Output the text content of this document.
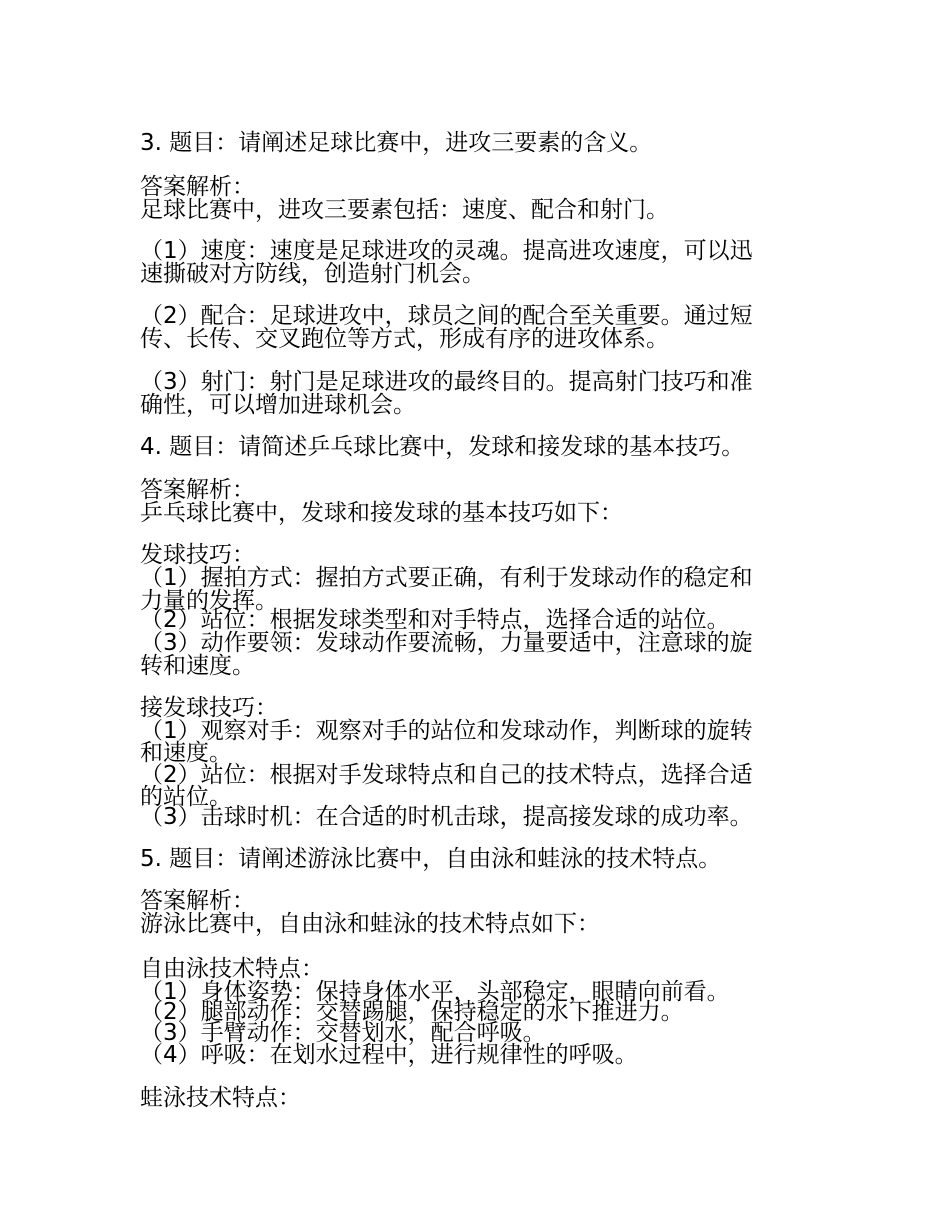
3. 题目：请阐述足球比赛中，进攻三要素的含义。

答案解析：

足球比赛中，进攻三要素包括：速度、配合和射门。

（1）速度：速度是足球进攻的灵魂。提高进攻速度，可以迅

速撕破对方防线，创造射门机会。

（2）配合：足球进攻中，球员之间的配合至关重要。通过短

传、长传、交叉跑位等方式，形成有序的进攻体系。

（3）射门：射门是足球进攻的最终目的。提高射门技巧和准

确性，可以增加进球机会。

4. 题目：请简述乒乓球比赛中，发球和接发球的基本技巧。

答案解析：

乒乓球比赛中，发球和接发球的基本技巧如下：

发球技巧：

（1）握拍方式：握拍方式要正确，有利于发球动作的稳定和

力量的发挥。

（2）站位：根据发球类型和对手特点，选择合适的站位。

（3）动作要领：发球动作要流畅，力量要适中，注意球的旋

转和速度。

接发球技巧：

（1）观察对手：观察对手的站位和发球动作，判断球的旋转

和速度。

（2）站位：根据对手发球特点和自己的技术特点，选择合适

的站位。

（3）击球时机：在合适的时机击球，提高接发球的成功率。

5. 题目：请阐述游泳比赛中，自由泳和蛙泳的技术特点。

答案解析：

游泳比赛中，自由泳和蛙泳的技术特点如下：

自由泳技术特点：

（1）身体姿势：保持身体水平，头部稳定，眼睛向前看。

（2）腿部动作：交替踢腿，保持稳定的水下推进力。

（3）手臂动作：交替划水，配合呼吸。

（4）呼吸：在划水过程中，进行规律性的呼吸。

蛙泳技术特点：
